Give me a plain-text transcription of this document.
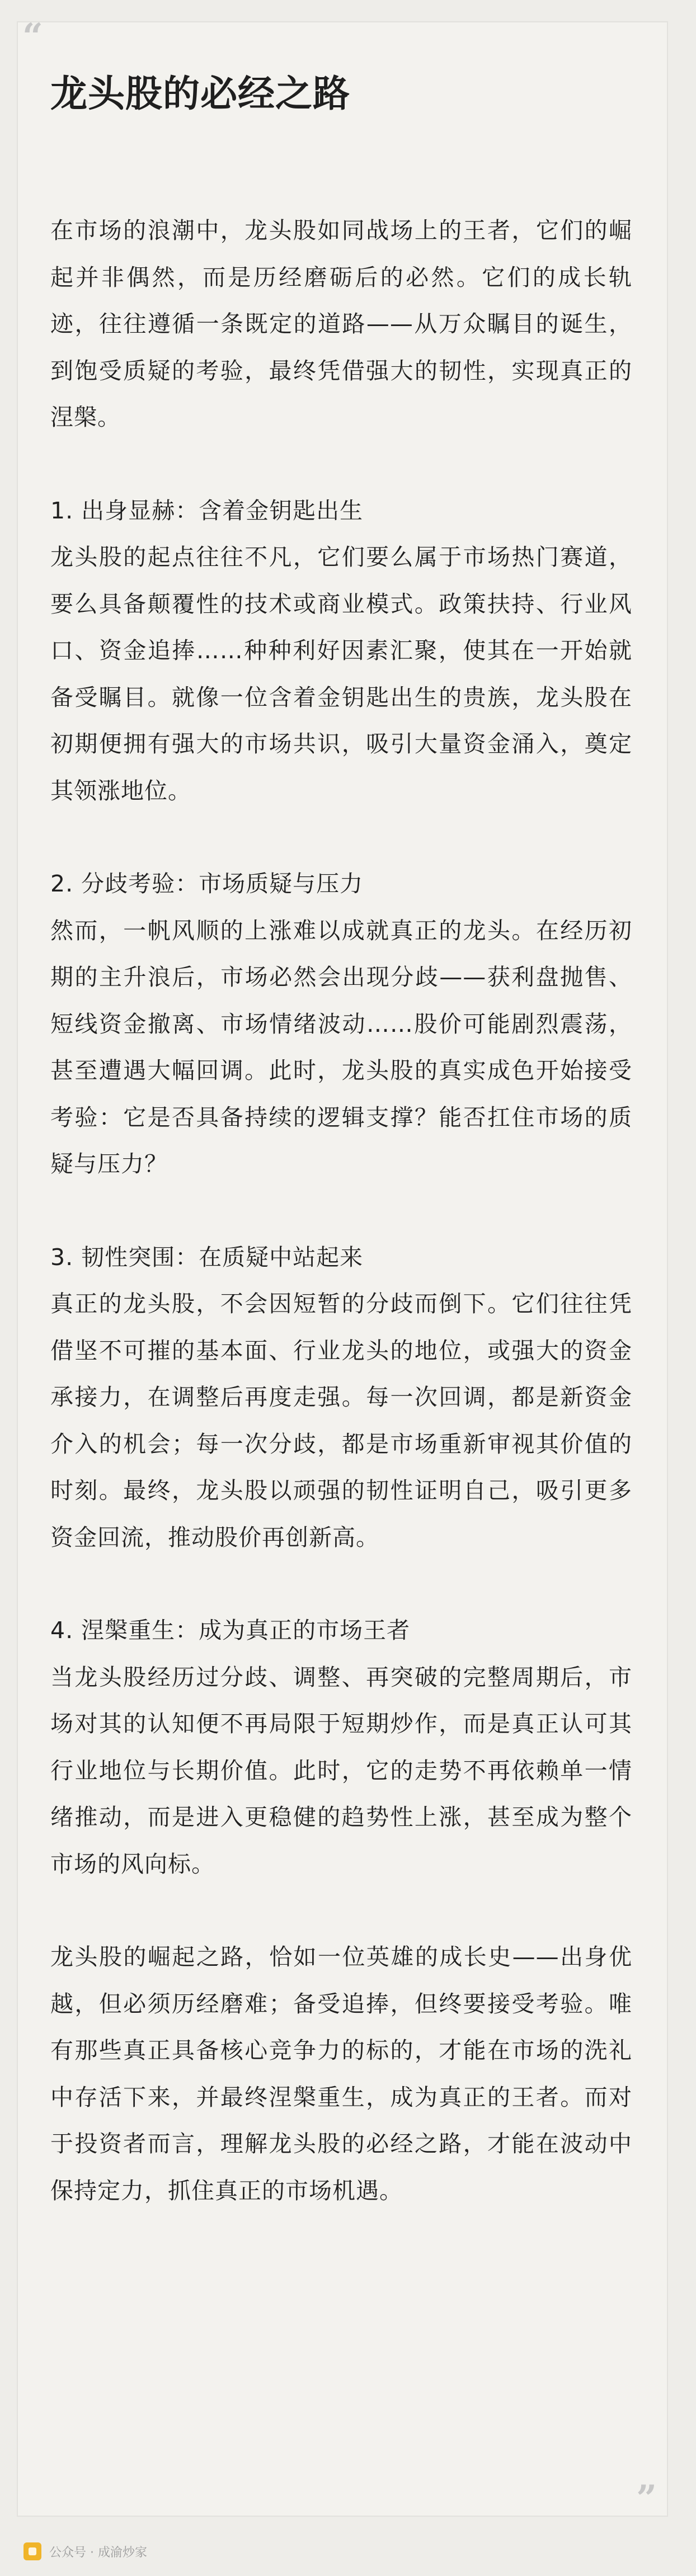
“
龙头股的必经之路

在市场的浪潮中，龙头股如同战场上的王者，它们的崛起并非偶然，而是历经磨砺后的必然。它们的成长轨迹，往往遵循一条既定的道路——从万众瞩目的诞生，到饱受质疑的考验，最终凭借强大的韧性，实现真正的涅槃。

1. 出身显赫：含着金钥匙出生
龙头股的起点往往不凡，它们要么属于市场热门赛道，要么具备颠覆性的技术或商业模式。政策扶持、行业风口、资金追捧……种种利好因素汇聚，使其在一开始就备受瞩目。就像一位含着金钥匙出生的贵族，龙头股在初期便拥有强大的市场共识，吸引大量资金涌入，奠定其领涨地位。

2. 分歧考验：市场质疑与压力
然而，一帆风顺的上涨难以成就真正的龙头。在经历初期的主升浪后，市场必然会出现分歧——获利盘抛售、短线资金撤离、市场情绪波动……股价可能剧烈震荡，甚至遭遇大幅回调。此时，龙头股的真实成色开始接受考验：它是否具备持续的逻辑支撑？能否扛住市场的质疑与压力？

3. 韧性突围：在质疑中站起来
真正的龙头股，不会因短暂的分歧而倒下。它们往往凭借坚不可摧的基本面、行业龙头的地位，或强大的资金承接力，在调整后再度走强。每一次回调，都是新资金介入的机会；每一次分歧，都是市场重新审视其价值的时刻。最终，龙头股以顽强的韧性证明自己，吸引更多资金回流，推动股价再创新高。

4. 涅槃重生：成为真正的市场王者
当龙头股经历过分歧、调整、再突破的完整周期后，市场对其的认知便不再局限于短期炒作，而是真正认可其行业地位与长期价值。此时，它的走势不再依赖单一情绪推动，而是进入更稳健的趋势性上涨，甚至成为整个市场的风向标。

龙头股的崛起之路，恰如一位英雄的成长史——出身优越，但必须历经磨难；备受追捧，但终要接受考验。唯有那些真正具备核心竞争力的标的，才能在市场的洗礼中存活下来，并最终涅槃重生，成为真正的王者。而对于投资者而言，理解龙头股的必经之路，才能在波动中保持定力，抓住真正的市场机遇。

”
公众号 · 成渝炒家
